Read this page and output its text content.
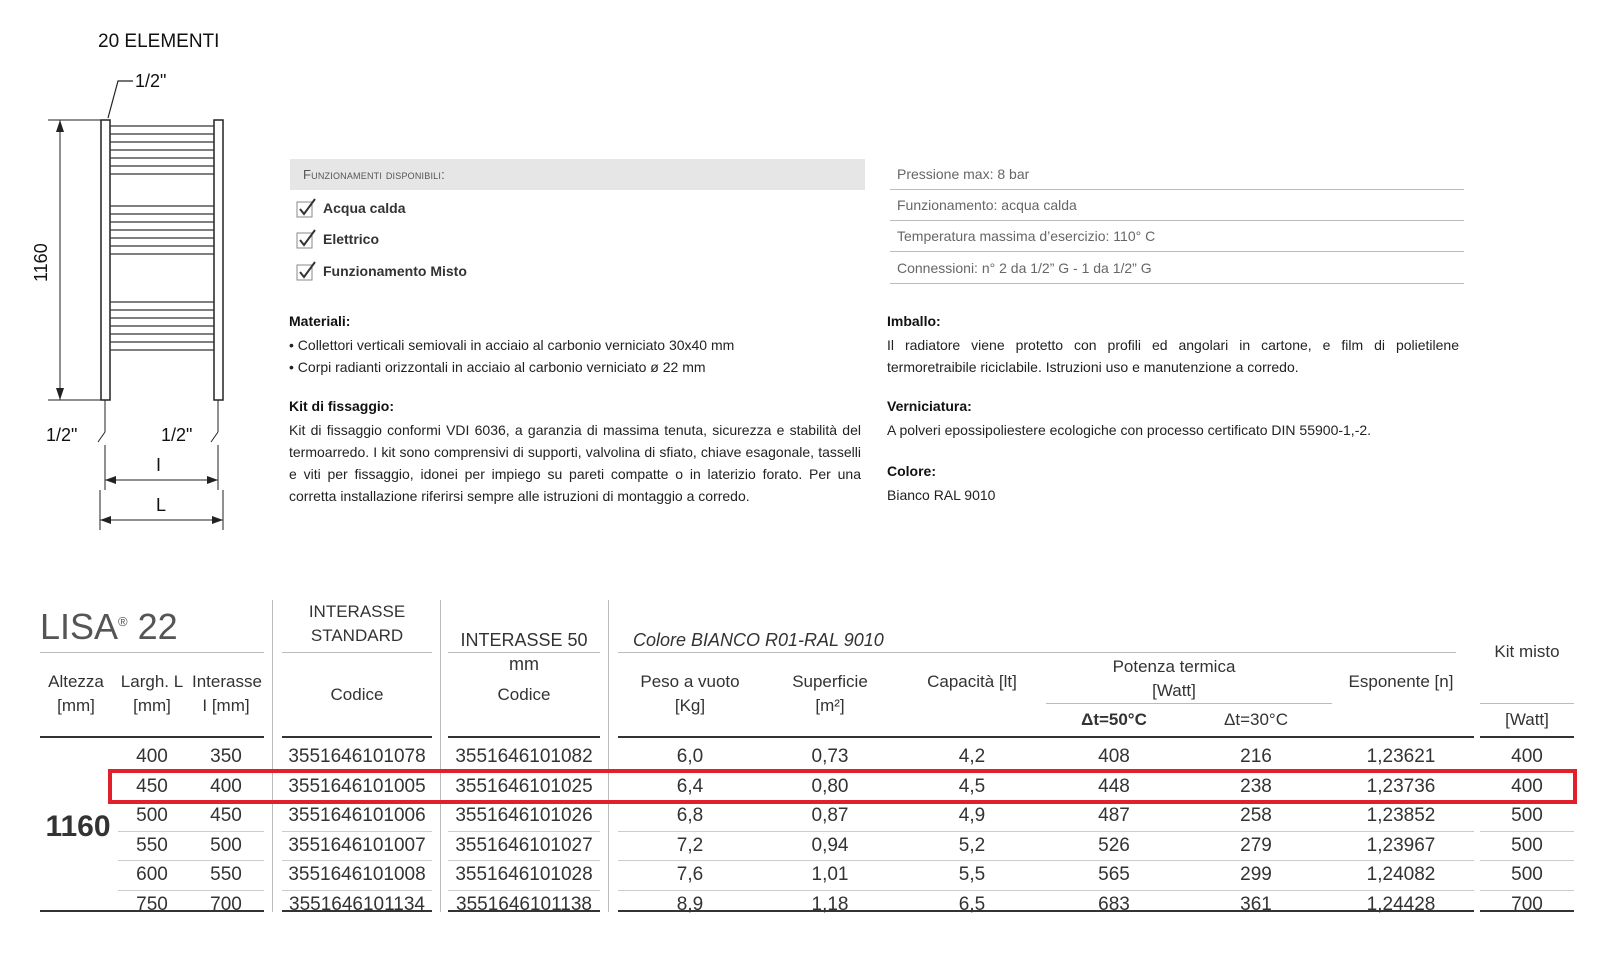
20 ELEMENTI
1/2"
1160
1/2"	1/2"
I
L
Funzionamenti disponibili:
Acqua calda
Elettrico
Funzionamento Misto
Pressione max: 8 bar
Funzionamento: acqua calda
Temperatura massima d’esercizio: 110° C
Connessioni: n° 2 da 1/2” G - 1 da 1/2” G
Materiali:
• Collettori verticali semiovali in acciaio al carbonio verniciato 30x40 mm
• Corpi radianti orizzontali in acciaio al carbonio verniciato ø 22 mm
Kit di fissaggio:
Kit di fissaggio conformi VDI 6036, a garanzia di massima tenuta, sicurezza e stabilità del termoarredo. I kit sono comprensivi di supporti, valvolina di sfiato, chiave esagonale, tasselli e viti per fissaggio, idonei per impiego su pareti compatte o in laterizio forato. Per una corretta installazione riferirsi sempre alle istruzioni di montaggio a corredo.
Imballo:
Il radiatore viene protetto con profili ed angolari in cartone, e film di polietilene termoretraibile riciclabile. Istruzioni uso e manutenzione a corredo.
Verniciatura:
A polveri epossipoliestere ecologiche con processo certificato DIN 55900-1,-2.
Colore:
Bianco RAL 9010
LISA® 22	INTERASSE STANDARD	INTERASSE 50 mm
Colore BIANCO R01-RAL 9010
Potenza termica [Watt]
Kit misto
Altezza [mm]
Largh. L [mm]
Interasse I [mm]
Codice	Codice
Peso a vuoto [Kg]
Superficie [m²]
Capacità [lt]
Δt=50°C	Δt=30°C
Esponente [n]
[Watt]
1160
400	350	3551646101078	3551646101082	6,0	0,73	4,2	408	216	1,23621	400
450	400	3551646101005	3551646101025	6,4	0,80	4,5	448	238	1,23736	400
500	450	3551646101006	3551646101026	6,8	0,87	4,9	487	258	1,23852	500
550	500	3551646101007	3551646101027	7,2	0,94	5,2	526	279	1,23967	500
600	550	3551646101008	3551646101028	7,6	1,01	5,5	565	299	1,24082	500
750	700	3551646101134	3551646101138	8,9	1,18	6,5	683	361	1,24428	700
